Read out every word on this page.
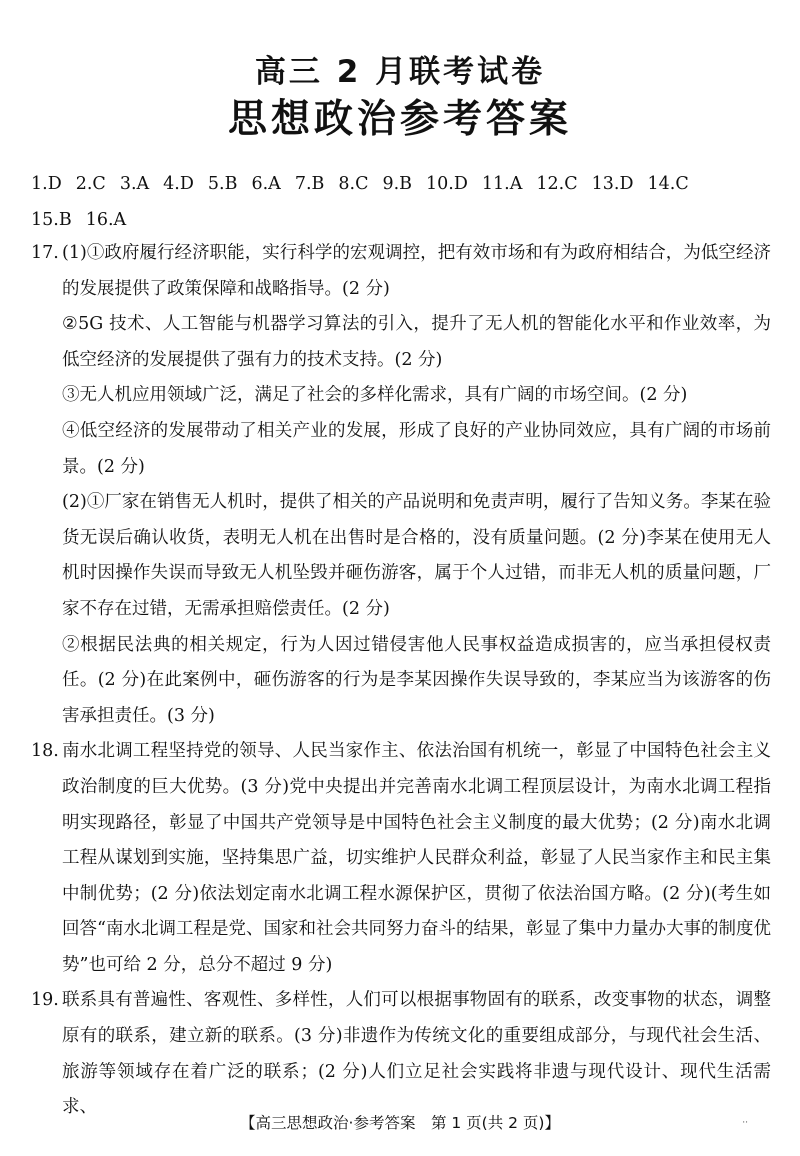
高三 2 月联考试卷
思想政治参考答案
1.D 2.C 3.A 4.D 5.B 6.A 7.B 8.C 9.B 10.D 11.A 12.C 13.D 14.C
15.B 16.A
17. (1)①政府履行经济职能，实行科学的宏观调控，把有效市场和有为政府相结合，为低空经济的发展提供了政策保障和战略指导。(2 分)

②5G 技术、人工智能与机器学习算法的引入，提升了无人机的智能化水平和作业效率，为低空经济的发展提供了强有力的技术支持。(2 分)

③无人机应用领域广泛，满足了社会的多样化需求，具有广阔的市场空间。(2 分)

④低空经济的发展带动了相关产业的发展，形成了良好的产业协同效应，具有广阔的市场前景。(2 分)

(2)①厂家在销售无人机时，提供了相关的产品说明和免责声明，履行了告知义务。李某在验货无误后确认收货，表明无人机在出售时是合格的，没有质量问题。(2 分)李某在使用无人机时因操作失误而导致无人机坠毁并砸伤游客，属于个人过错，而非无人机的质量问题，厂家不存在过错，无需承担赔偿责任。(2 分)

②根据民法典的相关规定，行为人因过错侵害他人民事权益造成损害的，应当承担侵权责任。(2 分)在此案例中，砸伤游客的行为是李某因操作失误导致的，李某应当为该游客的伤害承担责任。(3 分)

18. 南水北调工程坚持党的领导、人民当家作主、依法治国有机统一，彰显了中国特色社会主义政治制度的巨大优势。(3 分)党中央提出并完善南水北调工程顶层设计，为南水北调工程指明实现路径，彰显了中国共产党领导是中国特色社会主义制度的最大优势；(2 分)南水北调工程从谋划到实施，坚持集思广益，切实维护人民群众利益，彰显了人民当家作主和民主集中制优势；(2 分)依法划定南水北调工程水源保护区，贯彻了依法治国方略。(2 分)(考生如回答“南水北调工程是党、国家和社会共同努力奋斗的结果，彰显了集中力量办大事的制度优势”也可给 2 分，总分不超过 9 分)

19. 联系具有普遍性、客观性、多样性，人们可以根据事物固有的联系，改变事物的状态，调整原有的联系，建立新的联系。(3 分)非遗作为传统文化的重要组成部分，与现代社会生活、旅游等领域存在着广泛的联系；(2 分)人们立足社会实践将非遗与现代设计、现代生活需求、

【高三思想政治·参考答案　第 1 页(共 2 页)】	··
